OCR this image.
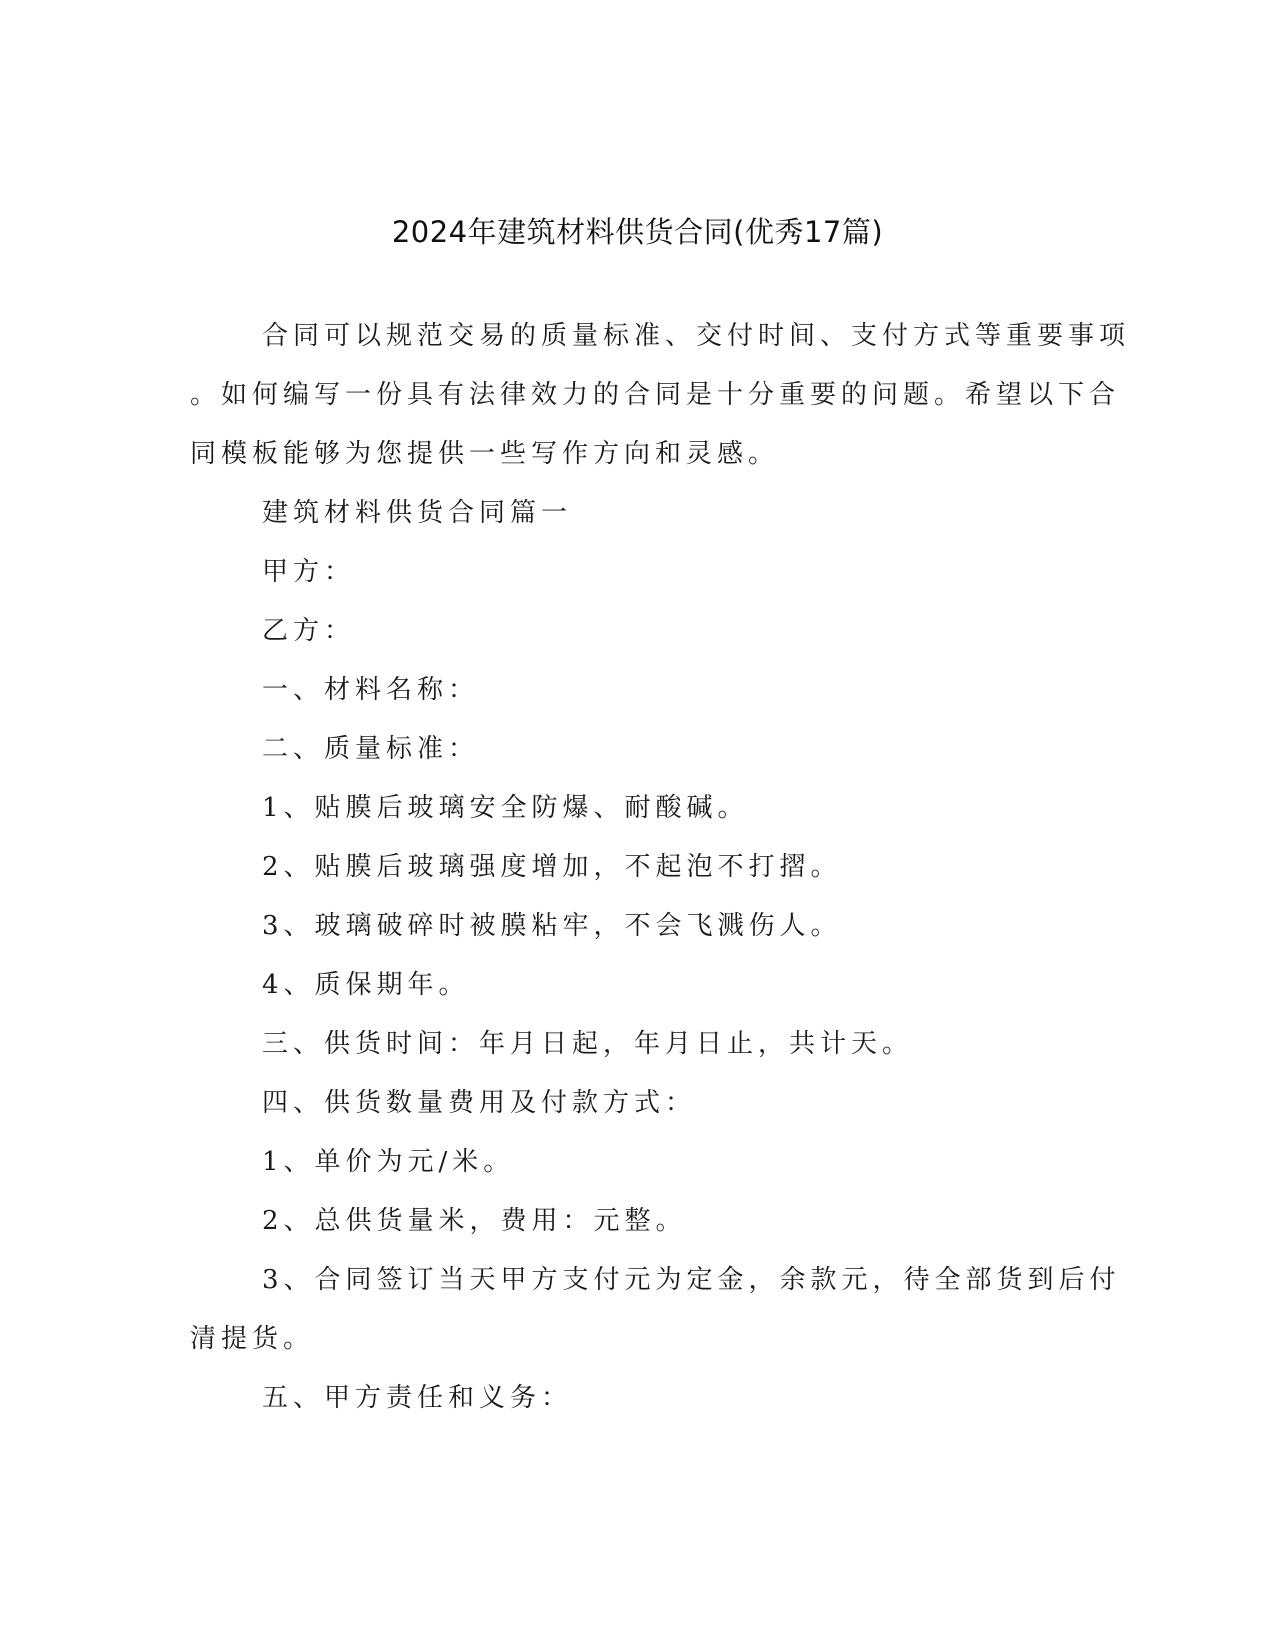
2024年建筑材料供货合同(优秀17篇)
合同可以规范交易的质量标准、交付时间、支付方式等重要事项
。如何编写一份具有法律效力的合同是十分重要的问题。希望以下合
同模板能够为您提供一些写作方向和灵感。
建筑材料供货合同篇一
甲方：
乙方：
一、材料名称：
二、质量标准：
1、贴膜后玻璃安全防爆、耐酸碱。
2、贴膜后玻璃强度增加，不起泡不打摺。
3、玻璃破碎时被膜粘牢，不会飞溅伤人。
4、质保期年。
三、供货时间：年月日起，年月日止，共计天。
四、供货数量费用及付款方式：
1、单价为元/米。
2、总供货量米，费用：元整。
3、合同签订当天甲方支付元为定金，余款元，待全部货到后付
清提货。
五、甲方责任和义务：
